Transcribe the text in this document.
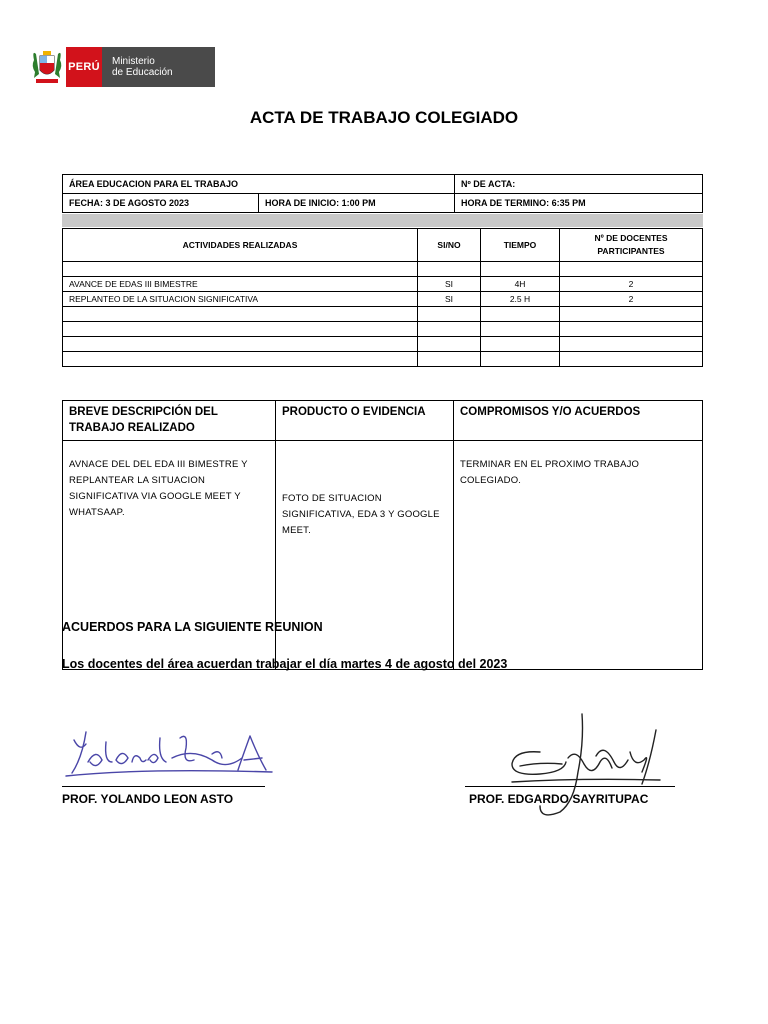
PERÚ Ministerio
de Educación
ACTA DE TRABAJO COLEGIADO
ÁREA EDUCACION PARA EL TRABAJO		Nº DE ACTA:
FECHA: 3 DE AGOSTO 2023	HORA DE INICIO: 1:00 PM	HORA DE TERMINO: 6:35 PM
ACTIVIDADES REALIZADAS	SI/NO	TIEMPO	Nº DE DOCENTES PARTICIPANTES

AVANCE DE EDAS III BIMESTRE	SI	4H	2
REPLANTEO DE LA SITUACION SIGNIFICATIVA	SI	2.5 H	2

BREVE DESCRIPCIÓN DEL TRABAJO REALIZADO	PRODUCTO O EVIDENCIA	COMPROMISOS Y/O ACUERDOS
AVNACE DEL DEL EDA III BIMESTRE Y REPLANTEAR LA SITUACION SIGNIFICATIVA VIA GOOGLE MEET Y WHATSAAP.	FOTO DE SITUACION SIGNIFICATIVA, EDA 3 Y GOOGLE MEET.	TERMINAR EN EL PROXIMO TRABAJO COLEGIADO.
ACUERDOS PARA LA SIGUIENTE REUNION
Los docentes del área acuerdan trabajar el día martes 4 de agosto del 2023
PROF. YOLANDO LEON ASTO	PROF. EDGARDO SAYRITUPAC
